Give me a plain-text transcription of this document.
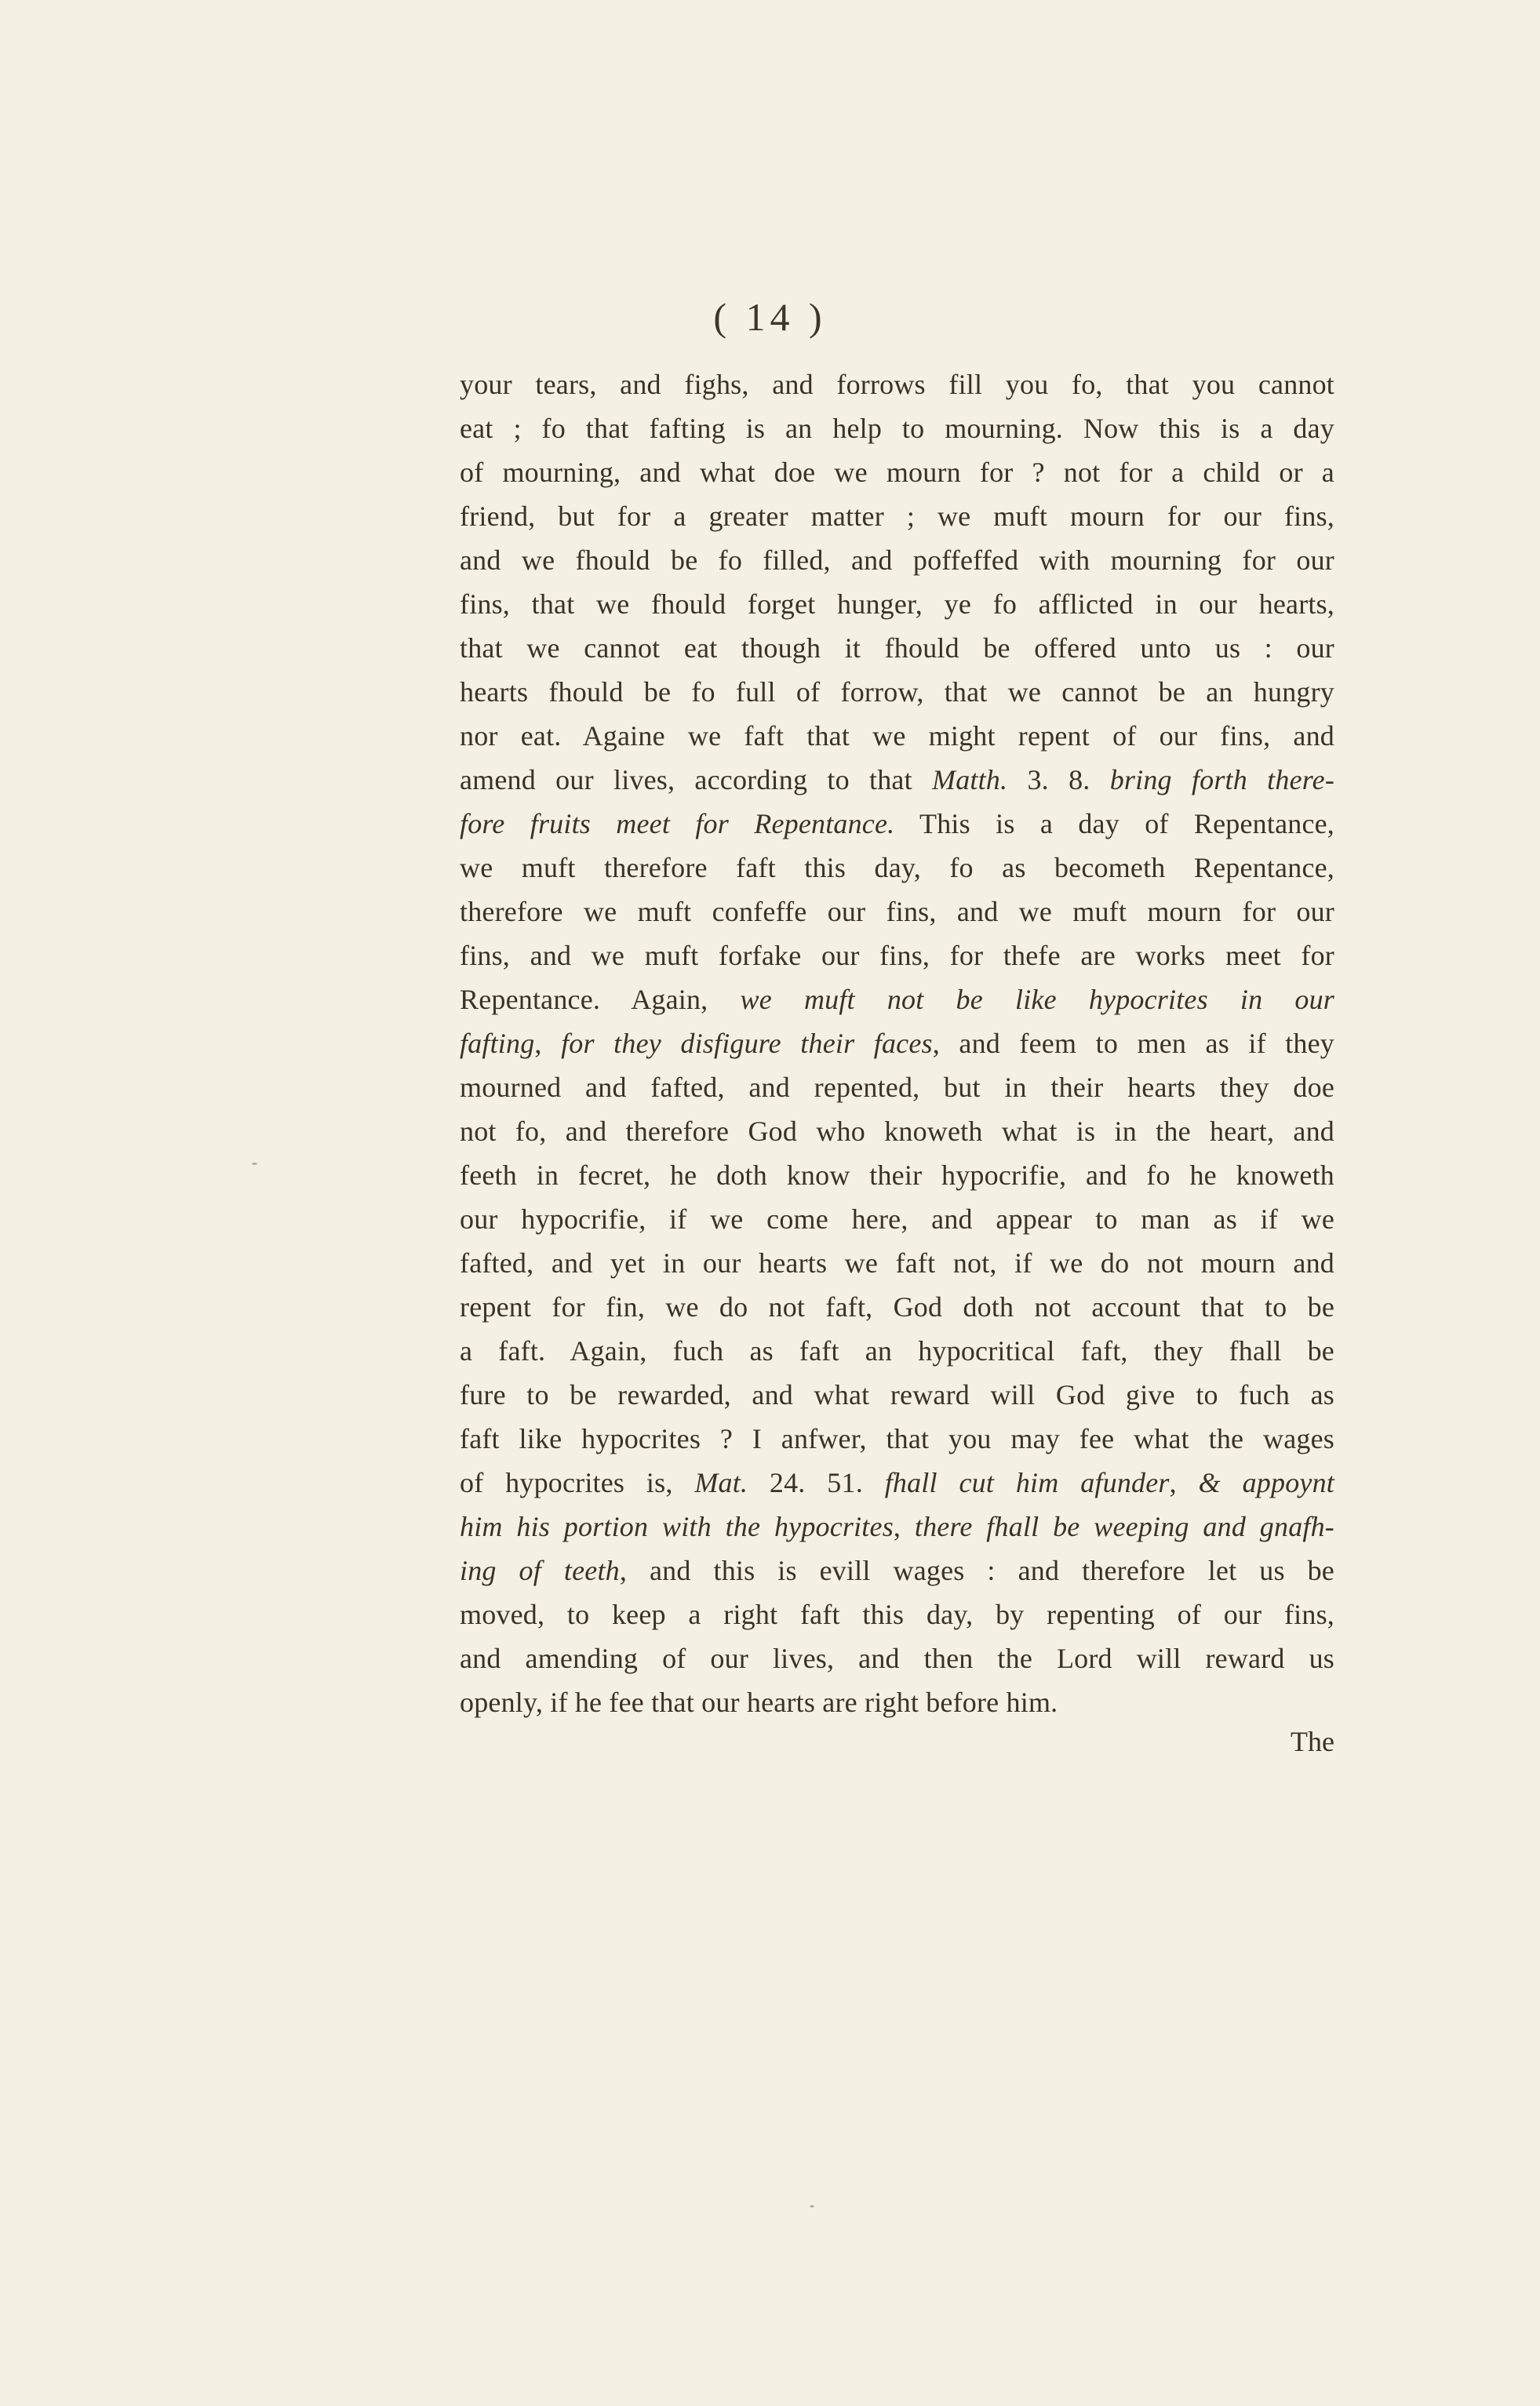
( 14 )
your tears, and fighs, and forrows fill you fo, that you cannot
eat ; fo that fafting is an help to mourning. Now this is a day
of mourning, and what doe we mourn for ? not for a child or a
friend, but for a greater matter ; we muft mourn for our fins,
and we fhould be fo filled, and poffeffed with mourning for our
fins, that we fhould forget hunger, ye fo afflicted in our hearts,
that we cannot eat though it fhould be offered unto us : our
hearts fhould be fo full of forrow, that we cannot be an hungry
nor eat. Againe we faft that we might repent of our fins, and
amend our lives, according to that Matth. 3. 8. bring forth there-
fore fruits meet for Repentance. This is a day of Repentance,
we muft therefore faft this day, fo as becometh Repentance,
therefore we muft confeffe our fins, and we muft mourn for our
fins, and we muft forfake our fins, for thefe are works meet for
Repentance. Again, we muft not be like hypocrites in our
fafting, for they disfigure their faces, and feem to men as if they
mourned and fafted, and repented, but in their hearts they doe
not fo, and therefore God who knoweth what is in the heart, and
feeth in fecret, he doth know their hypocrifie, and fo he knoweth
our hypocrifie, if we come here, and appear to man as if we
fafted, and yet in our hearts we faft not, if we do not mourn and
repent for fin, we do not faft, God doth not account that to be
a faft. Again, fuch as faft an hypocritical faft, they fhall be
fure to be rewarded, and what reward will God give to fuch as
faft like hypocrites ? I anfwer, that you may fee what the wages
of hypocrites is, Mat. 24. 51. fhall cut him afunder, & appoynt
him his portion with the hypocrites, there fhall be weeping and gnafh-
ing of teeth, and this is evill wages : and therefore let us be
moved, to keep a right faft this day, by repenting of our fins,
and amending of our lives, and then the Lord will reward us
openly, if he fee that our hearts are right before him.
The
